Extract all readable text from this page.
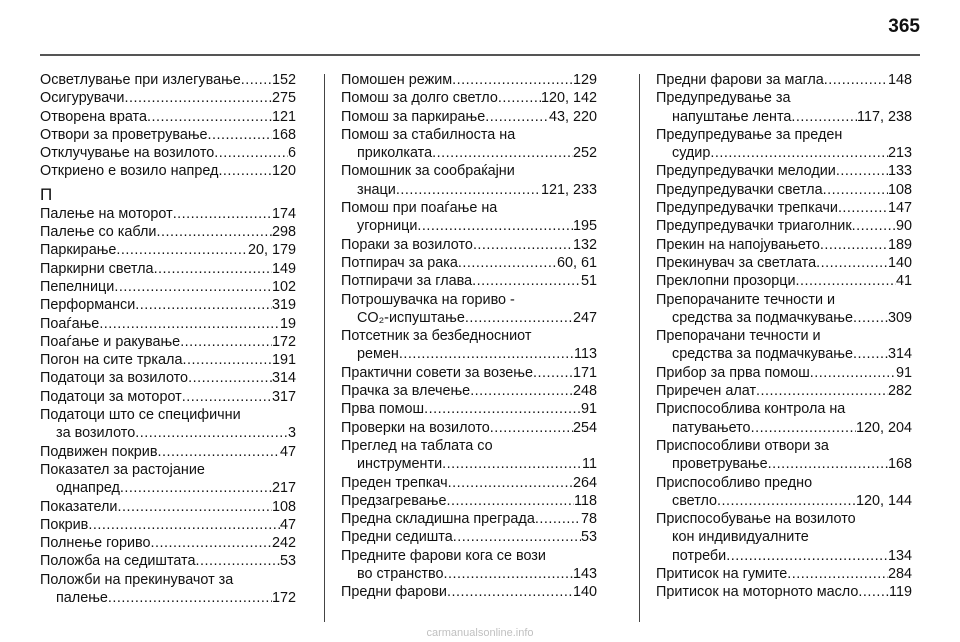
365
Осветлување при излегување ..... 152
Осигурувачи .....	275
Отворена врата .....	121
Отвори за проветрување .....	168
Отклучување на возилото .....	6
Откриено е возило напред .....	120
П
Палење на моторот .....	174
Палење со кабли .....	298
Паркирање .....	20, 179
Паркирни светла .....	149
Пепелници .....	102
Перформанси .....	319
Поаѓање .....	19
Поаѓање и ракување .....	172
Погон на сите тркала .....	191
Податоци за возилото .....	314
Податоци за моторот .....	317
Податоци што се специфични
за возилото .....	3
Подвижен покрив .....	47
Показател за растојание
однапред .....	217
Показатели .....	108
Покрив .....	47
Полнење гориво .....	242
Положба на седиштата .....	53
Положби на прекинувачот за
палење .....	172
Помошен режим .....	129
Помош за долго светло .....	120, 142
Помош за паркирање .....	43, 220
Помош за стабилноста на
приколката .....	252
Помошник за сообраќајни
знаци .....	121, 233
Помош при поаѓање на
угорници .....	195
Пораки за возилото .....	132
Потпирач за рака .....	60, 61
Потпирачи за глава .....	51
Потрошувачка на гориво -
CO₂-испуштање .....	247
Потсетник за безбедносниот
ремен .....	113
Практични совети за возење .....	171
Прачка за влечење .....	248
Прва помош .....	91
Проверки на возилото .....	254
Преглед на таблата со
инструменти .....	11
Преден трепкач .....	264
Предзагревање .....	118
Предна складишна преграда .....	78
Предни седишта .....	53
Предните фарови кога се вози
во странство .....	143
Предни фарови .....	140
Предни фарови за магла .....	148
Предупредување за
напуштање лента .....	117, 238
Предупредување за преден
судир .....	213
Предупредувачки мелодии .....	133
Предупредувачки светла .....	108
Предупредувачки трепкачи .....	147
Предупредувачки триаголник .....	90
Прекин на напојувањето .....	189
Прекинувач за светлата .....	140
Преклопни прозорци .....	41
Препорачаните течности и
средства за подмачкување ..... 309
Препорачани течности и
средства за подмачкување ..... 314
Прибор за прва помош .....	91
Приречен алат .....	282
Приспособлива контрола на
патувањето .....	120, 204
Приспособливи отвори за
проветрување .....	168
Приспособливо предно
светло .....	120, 144
Приспособување на возилото
кон индивидуалните
потреби .....	134
Притисок на гумите .....	284
Притисок на моторното масло ..... 119
carmanualsonline.info
